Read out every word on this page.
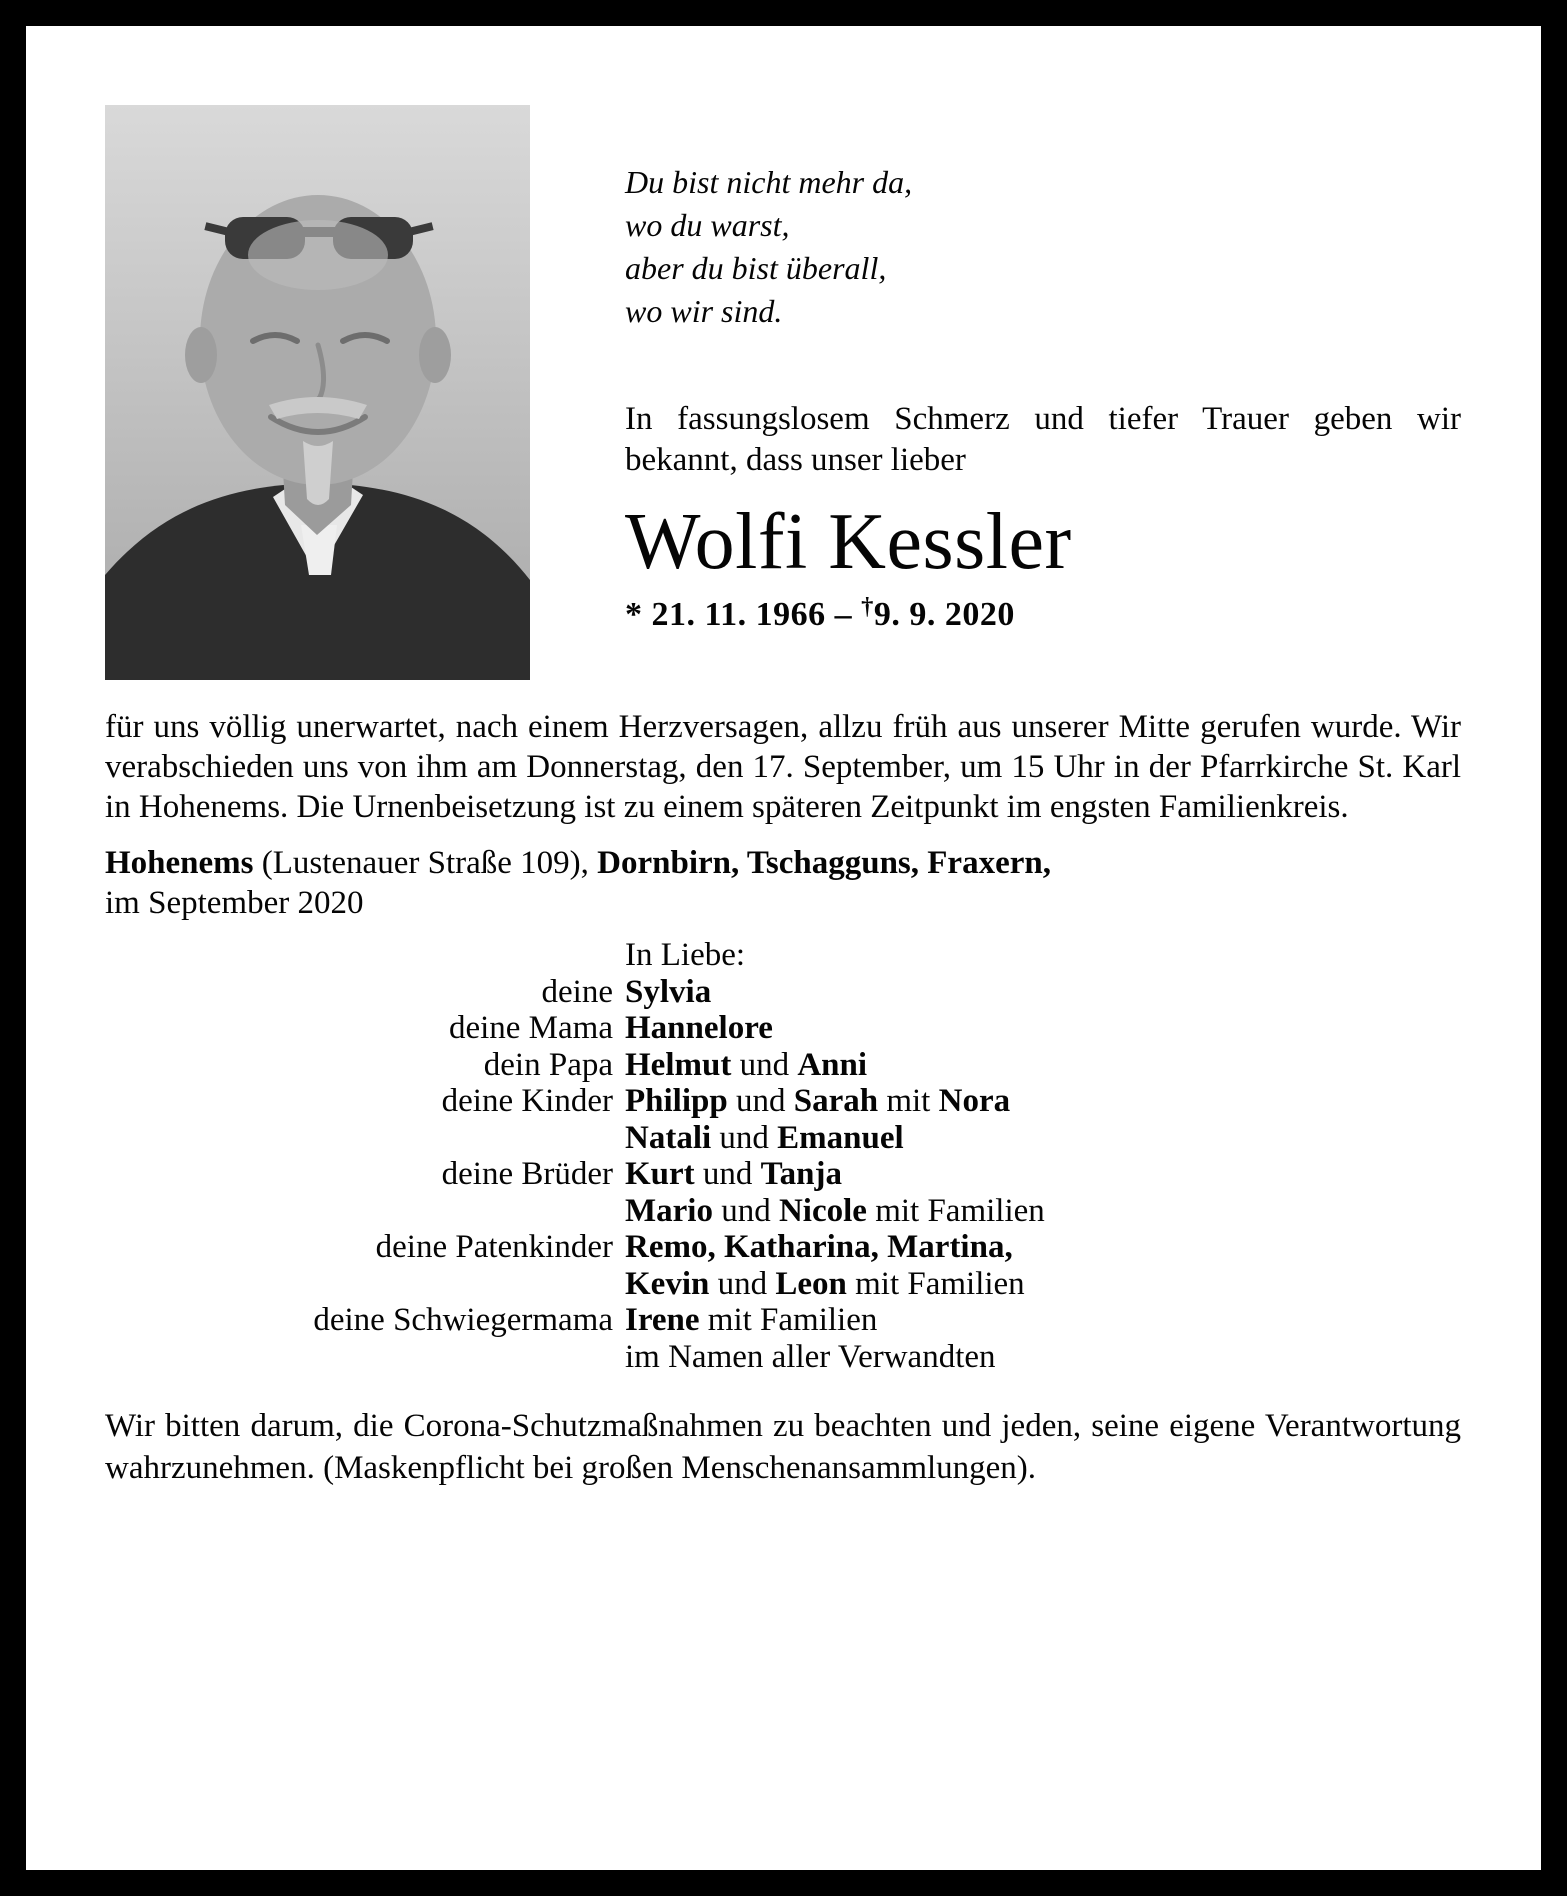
Du bist nicht mehr da,
wo du warst,
aber du bist überall,
wo wir sind.
In fassungslosem Schmerz und tiefer Trauer geben wir bekannt, dass unser lieber
Wolfi Kessler
* 21. 11. 1966 – †9. 9. 2020
für uns völlig unerwartet, nach einem Herzversagen, allzu früh aus unserer Mitte gerufen wurde. Wir verabschieden uns von ihm am Donnerstag, den 17. September, um 15 Uhr in der Pfarrkirche St. Karl in Hohenems. Die Urnenbeisetzung ist zu einem späteren Zeitpunkt im engsten Familienkreis.
Hohenems (Lustenauer Straße 109), Dornbirn, Tschagguns, Fraxern,
im September 2020
In Liebe:
deine Sylvia
deine Mama Hannelore
dein Papa Helmut und Anni
deine Kinder Philipp und Sarah mit Nora
Natali und Emanuel
deine Brüder Kurt und Tanja
Mario und Nicole mit Familien
deine Patenkinder Remo, Katharina, Martina,
Kevin und Leon mit Familien
deine Schwiegermama Irene mit Familien
im Namen aller Verwandten
Wir bitten darum, die Corona-Schutzmaßnahmen zu beachten und jeden, seine eigene Verantwortung wahrzunehmen. (Maskenpflicht bei großen Menschenansammlungen).
